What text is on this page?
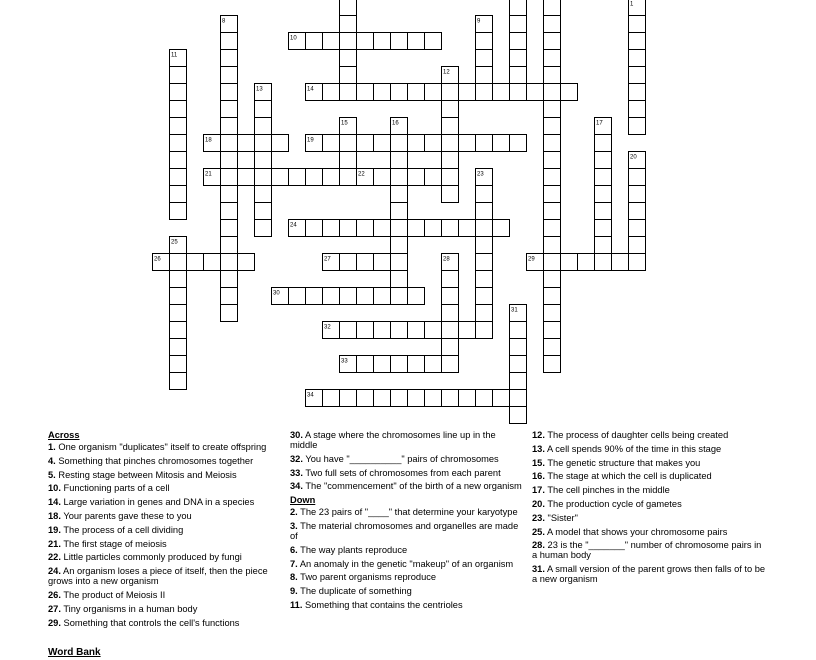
8	9
1
10
11
12
13	14
15	16	17
18	19
20
21	22	23
24
25
26	27	28	29
30
31
32
33
34
Across
1. One organism "duplicates" itself to create offspring
4. Something that pinches chromosomes together
5. Resting stage between Mitosis and Meiosis
10. Functioning parts of a cell
14. Large variation in genes and DNA in a species
18. Your parents gave these to you
19. The process of a cell dividing
21. The first stage of meiosis
22. Little particles commonly produced by fungi
24. An organism loses a piece of itself, then the piece grows into a new organism
26. The product of Meiosis II
27. Tiny organisms in a human body
29. Something that controls the cell's functions
30. A stage where the chromosomes line up in the middle
32. You have "__________" pairs of chromosomes
33. Two full sets of chromosomes from each parent
34. The "commencement" of the birth of a new organism
Down
2. The 23 pairs of "____" that determine your karyotype
3. The material chromosomes and organelles are made of
6. The way plants reproduce
7. An anomaly in the genetic "makeup" of an organism
8. Two parent organisms reproduce
9. The duplicate of something
11. Something that contains the centrioles
12. The process of daughter cells being created
13. A cell spends 90% of the time in this stage
15. The genetic structure that makes you
16. The stage at which the cell is duplicated
17. The cell pinches in the middle
20. The production cycle of gametes
23. "Sister"
25. A model that shows your chromosome pairs
28. 23 is the "_______" number of chromosome pairs in a human body
31. A small version of the parent grows then falls of to be a new organism
Word Bank
